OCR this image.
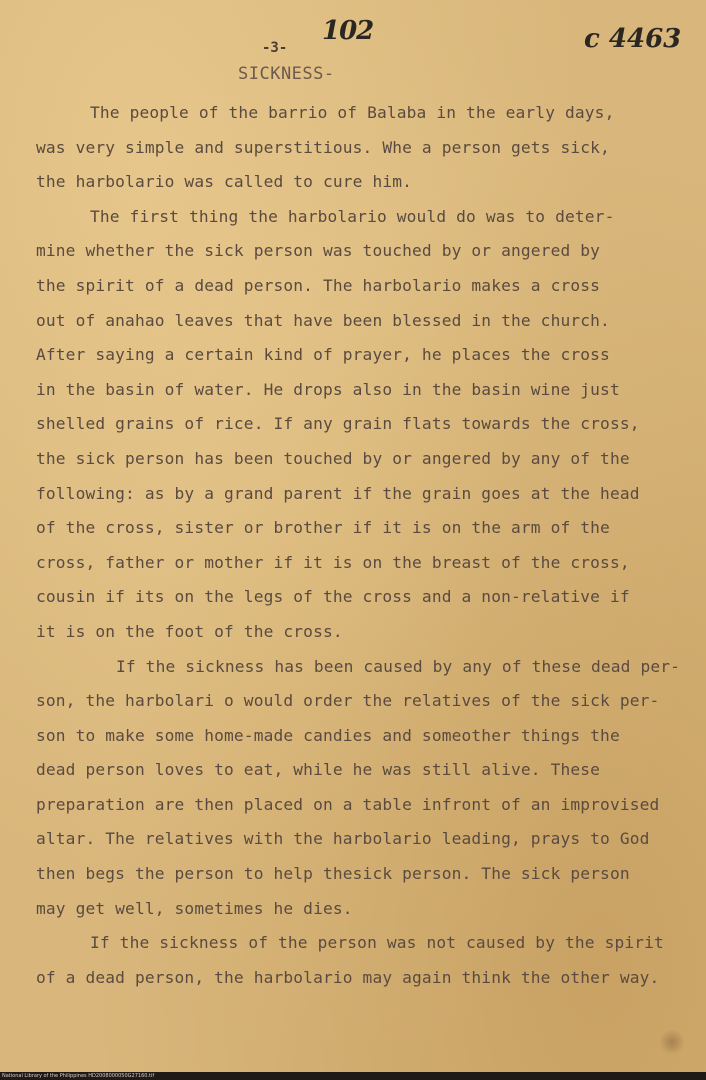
102	c 4463
-3-
SICKNESS-
The people of the barrio of Balaba in the early days,
was very simple and superstitious. Whe a person gets sick,
the harbolario was called to cure him.
The first thing the harbolario would do was to deter-
mine whether the sick person was touched by or angered by
the spirit of a dead person. The harbolario makes a cross
out of anahao leaves that have been blessed in the church.
After saying a certain kind of prayer, he places the cross
in the basin of water. He drops also in the basin wine just
shelled grains of rice. If any grain flats towards the cross,
the sick person has been touched by or angered by any of the
following: as by a grand parent if the grain goes at the head
of the cross, sister or brother if it is on the arm of the
cross, father or mother if it is on the breast of the cross,
cousin if its on the legs of the cross and a non-relative if
it is on the foot of the cross.
If the sickness has been caused by any of these dead per-
son, the harbolari o would order the relatives of the sick per-
son to make some home-made candies and someother things the
dead person loves to eat, while he was still alive. These
preparation are then placed on a table infront of an improvised
altar. The relatives with the harbolario leading, prays to God
then begs the person to help thesick person. The sick person
may get well, sometimes he dies.
If the sickness of the person was not caused by the spirit
of a dead person, the harbolario may again think the other way.
National Library of the Philippines HD2008000050G27160.tif
